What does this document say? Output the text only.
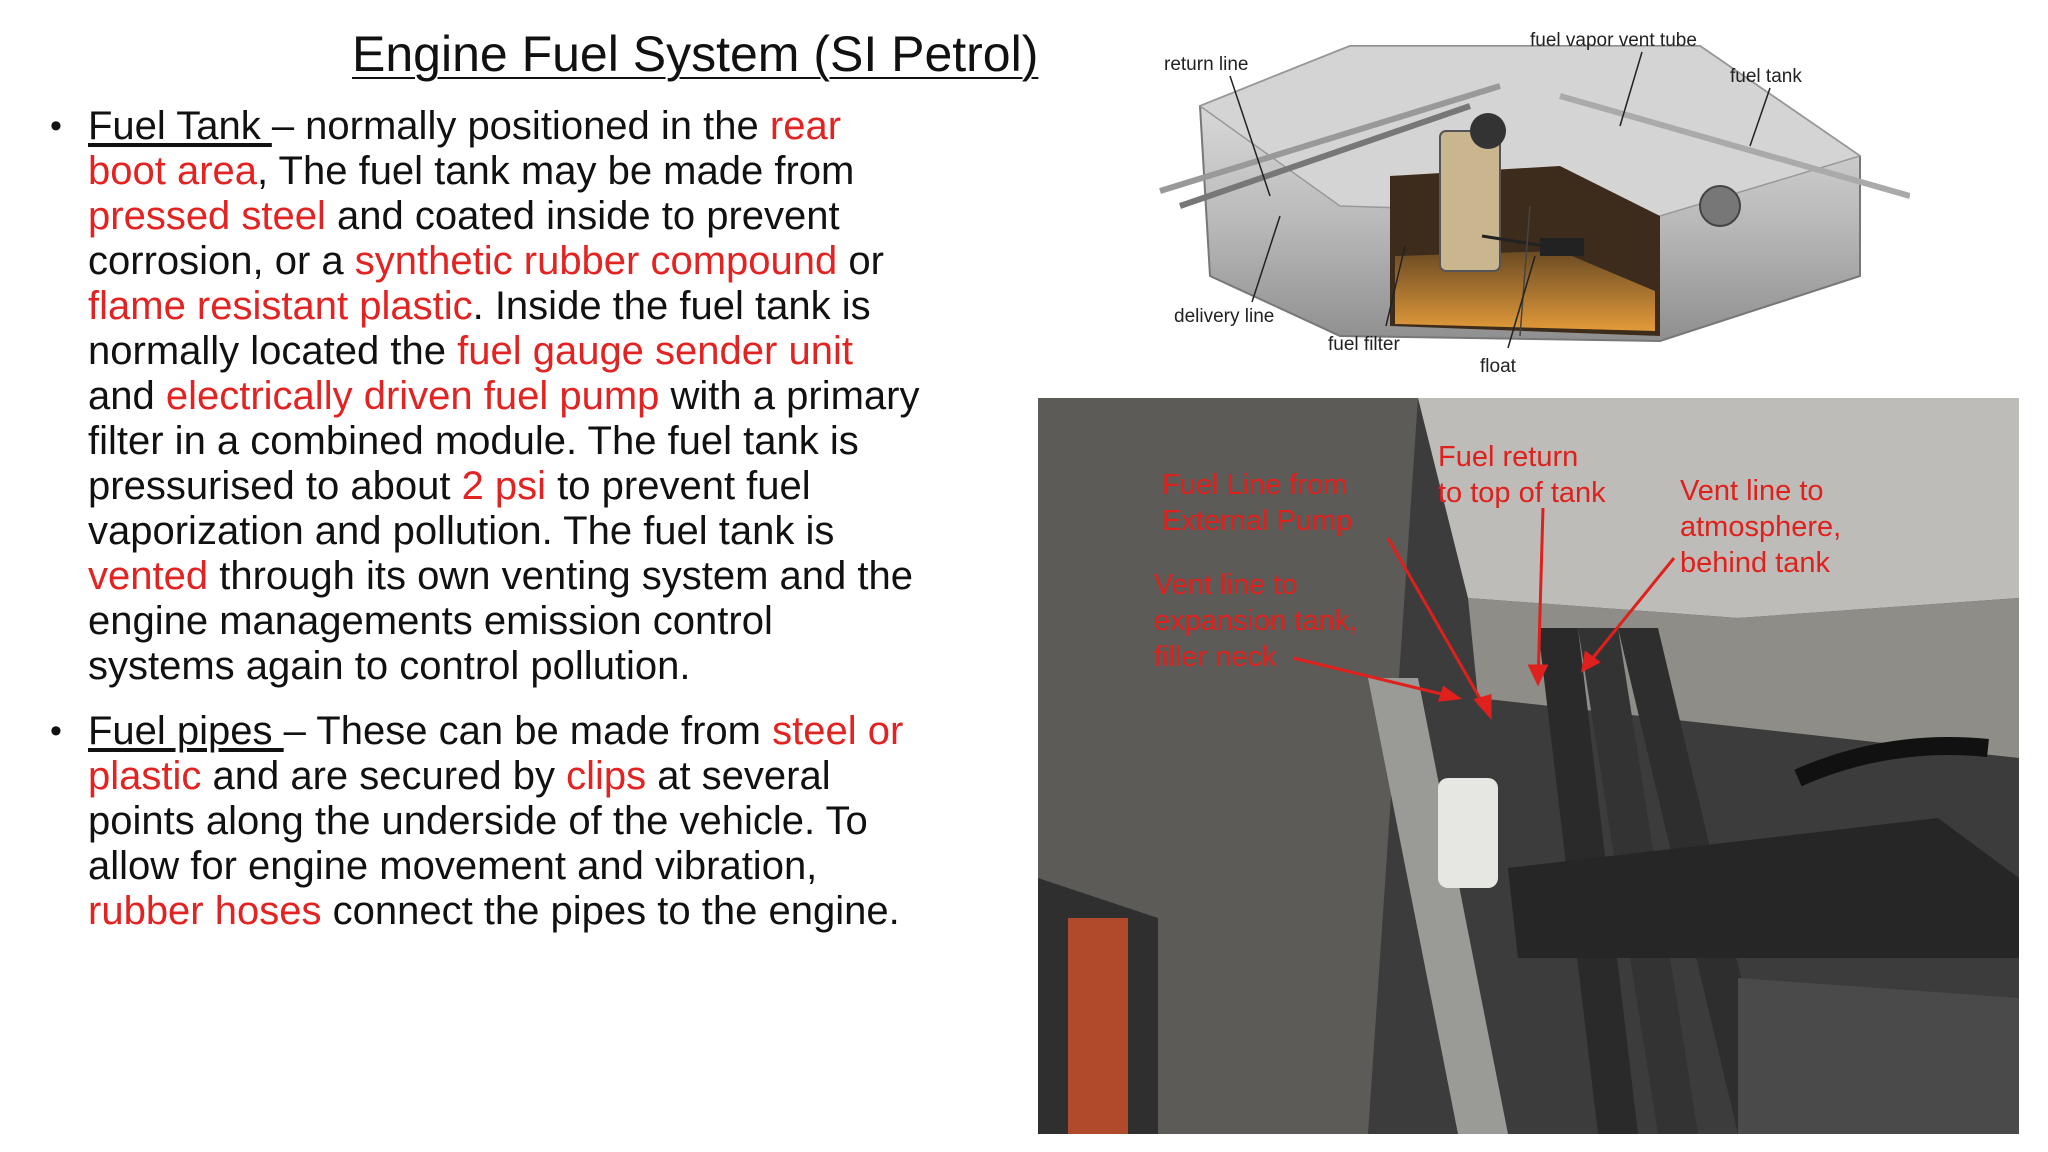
Engine Fuel System (SI Petrol)
• Fuel Tank – normally positioned in the rear boot area, The fuel tank may be made from pressed steel and coated inside to prevent corrosion, or a synthetic rubber compound or flame resistant plastic. Inside the fuel tank is normally located the fuel gauge sender unit and electrically driven fuel pump with a primary filter in a combined module. The fuel tank is pressurised to about 2 psi to prevent fuel vaporization and pollution. The fuel tank is vented through its own venting system and the engine managements emission control systems again to control pollution.
• Fuel pipes – These can be made from steel or plastic and are secured by clips at several points along the underside of the vehicle. To allow for engine movement and vibration, rubber hoses connect the pipes to the engine.
return line
fuel vapor vent tube
fuel tank
delivery line
fuel filter
float
Fuel Line from
External Pump
Fuel return
to top of tank	Vent line to
atmosphere,
behind tank
Vent line to
expansion tank,
filler neck
